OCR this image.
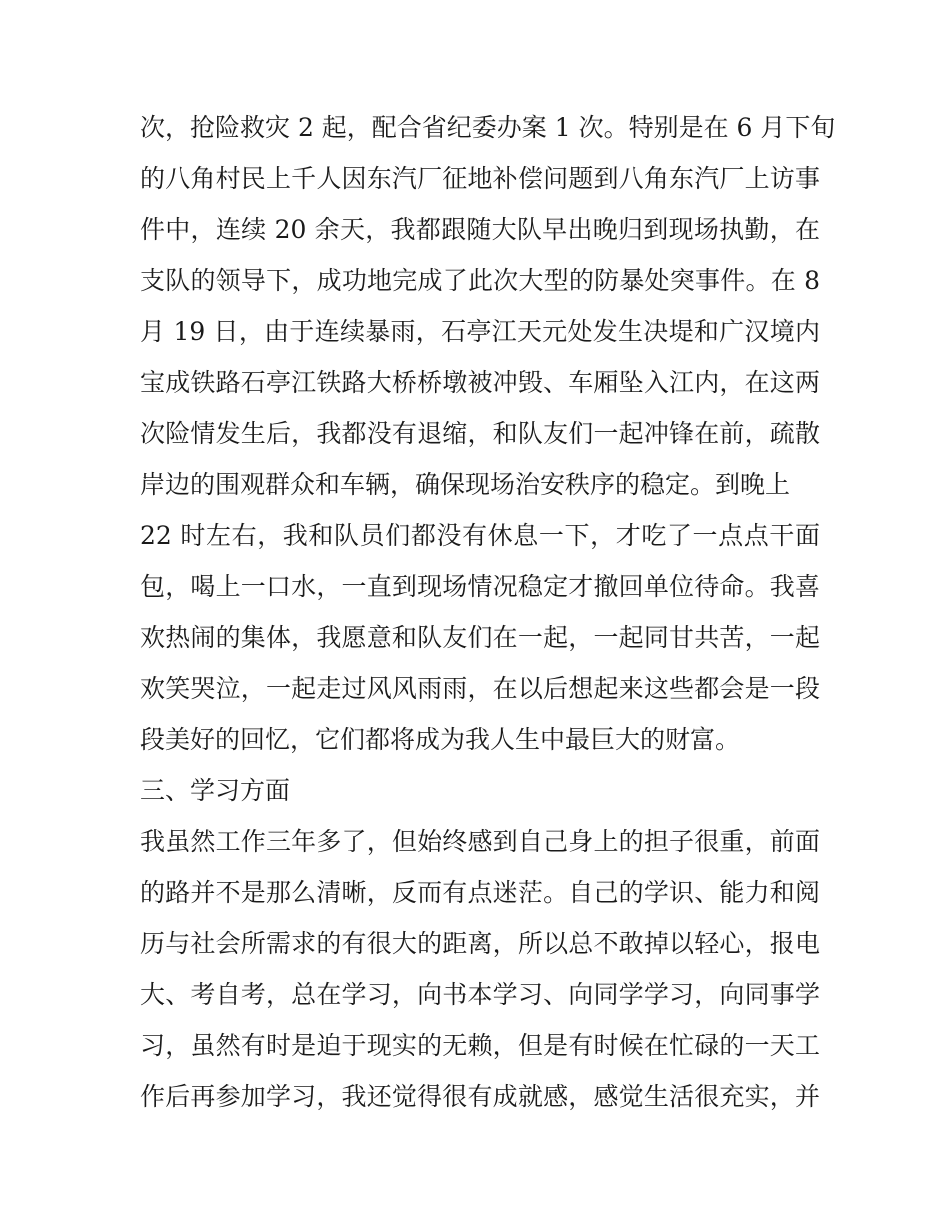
次，抢险救灾 2 起，配合省纪委办案 1 次。特别是在 6 月下旬
的八角村民上千人因东汽厂征地补偿问题到八角东汽厂上访事
件中，连续 20 余天，我都跟随大队早出晚归到现场执勤，在
支队的领导下，成功地完成了此次大型的防暴处突事件。在 8
月 19 日，由于连续暴雨，石亭江天元处发生决堤和广汉境内
宝成铁路石亭江铁路大桥桥墩被冲毁、车厢坠入江内，在这两
次险情发生后，我都没有退缩，和队友们一起冲锋在前，疏散
岸边的围观群众和车辆，确保现场治安秩序的稳定。到晚上
22 时左右，我和队员们都没有休息一下，才吃了一点点干面
包，喝上一口水，一直到现场情况稳定才撤回单位待命。我喜
欢热闹的集体，我愿意和队友们在一起，一起同甘共苦，一起
欢笑哭泣，一起走过风风雨雨，在以后想起来这些都会是一段
段美好的回忆，它们都将成为我人生中最巨大的财富。
三、学习方面
我虽然工作三年多了，但始终感到自己身上的担子很重，前面
的路并不是那么清晰，反而有点迷茫。自己的学识、能力和阅
历与社会所需求的有很大的距离，所以总不敢掉以轻心，报电
大、考自考，总在学习，向书本学习、向同学学习，向同事学
习，虽然有时是迫于现实的无赖，但是有时候在忙碌的一天工
作后再参加学习，我还觉得很有成就感，感觉生活很充实，并
